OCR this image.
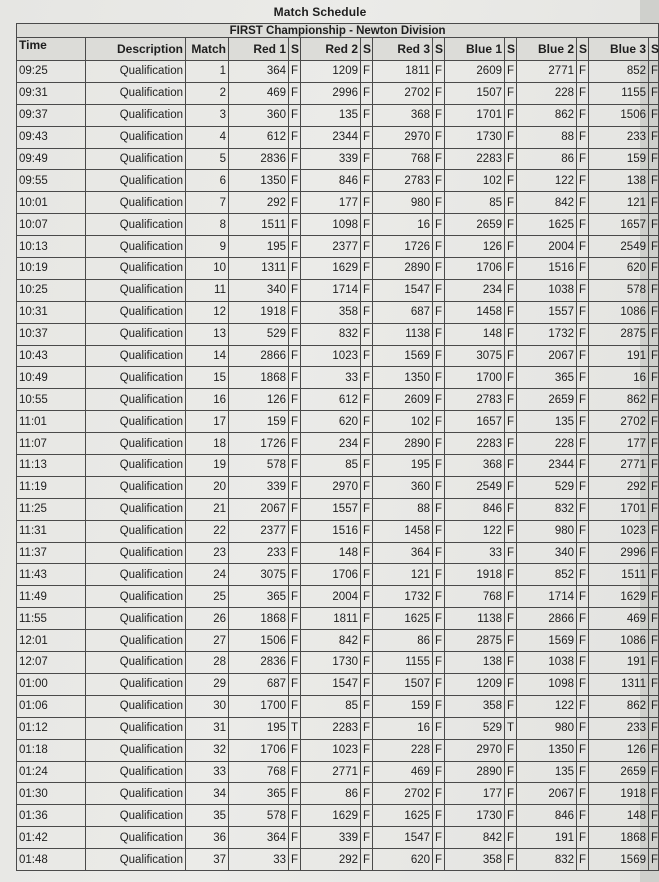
Match Schedule
FIRST Championship - Newton Division														
Time	Description	Match	Red 1	S	Red 2	S	Red 3	S	Blue 1	S	Blue 2	S	Blue 3	S
09:25	Qualification	1	364	F	1209	F	1811	F	2609	F	2771	F	852	F
09:31	Qualification	2	469	F	2996	F	2702	F	1507	F	228	F	1155	F
09:37	Qualification	3	360	F	135	F	368	F	1701	F	862	F	1506	F
09:43	Qualification	4	612	F	2344	F	2970	F	1730	F	88	F	233	F
09:49	Qualification	5	2836	F	339	F	768	F	2283	F	86	F	159	F
09:55	Qualification	6	1350	F	846	F	2783	F	102	F	122	F	138	F
10:01	Qualification	7	292	F	177	F	980	F	85	F	842	F	121	F
10:07	Qualification	8	1511	F	1098	F	16	F	2659	F	1625	F	1657	F
10:13	Qualification	9	195	F	2377	F	1726	F	126	F	2004	F	2549	F
10:19	Qualification	10	1311	F	1629	F	2890	F	1706	F	1516	F	620	F
10:25	Qualification	11	340	F	1714	F	1547	F	234	F	1038	F	578	F
10:31	Qualification	12	1918	F	358	F	687	F	1458	F	1557	F	1086	F
10:37	Qualification	13	529	F	832	F	1138	F	148	F	1732	F	2875	F
10:43	Qualification	14	2866	F	1023	F	1569	F	3075	F	2067	F	191	F
10:49	Qualification	15	1868	F	33	F	1350	F	1700	F	365	F	16	F
10:55	Qualification	16	126	F	612	F	2609	F	2783	F	2659	F	862	F
11:01	Qualification	17	159	F	620	F	102	F	1657	F	135	F	2702	F
11:07	Qualification	18	1726	F	234	F	2890	F	2283	F	228	F	177	F
11:13	Qualification	19	578	F	85	F	195	F	368	F	2344	F	2771	F
11:19	Qualification	20	339	F	2970	F	360	F	2549	F	529	F	292	F
11:25	Qualification	21	2067	F	1557	F	88	F	846	F	832	F	1701	F
11:31	Qualification	22	2377	F	1516	F	1458	F	122	F	980	F	1023	F
11:37	Qualification	23	233	F	148	F	364	F	33	F	340	F	2996	F
11:43	Qualification	24	3075	F	1706	F	121	F	1918	F	852	F	1511	F
11:49	Qualification	25	365	F	2004	F	1732	F	768	F	1714	F	1629	F
11:55	Qualification	26	1868	F	1811	F	1625	F	1138	F	2866	F	469	F
12:01	Qualification	27	1506	F	842	F	86	F	2875	F	1569	F	1086	F
12:07	Qualification	28	2836	F	1730	F	1155	F	138	F	1038	F	191	F
01:00	Qualification	29	687	F	1547	F	1507	F	1209	F	1098	F	1311	F
01:06	Qualification	30	1700	F	85	F	159	F	358	F	122	F	862	F
01:12	Qualification	31	195	T	2283	F	16	F	529	T	980	F	233	F
01:18	Qualification	32	1706	F	1023	F	228	F	2970	F	1350	F	126	F
01:24	Qualification	33	768	F	2771	F	469	F	2890	F	135	F	2659	F
01:30	Qualification	34	365	F	86	F	2702	F	177	F	2067	F	1918	F
01:36	Qualification	35	578	F	1629	F	1625	F	1730	F	846	F	148	F
01:42	Qualification	36	364	F	339	F	1547	F	842	F	191	F	1868	F
01:48	Qualification	37	33	F	292	F	620	F	358	F	832	F	1569	F
